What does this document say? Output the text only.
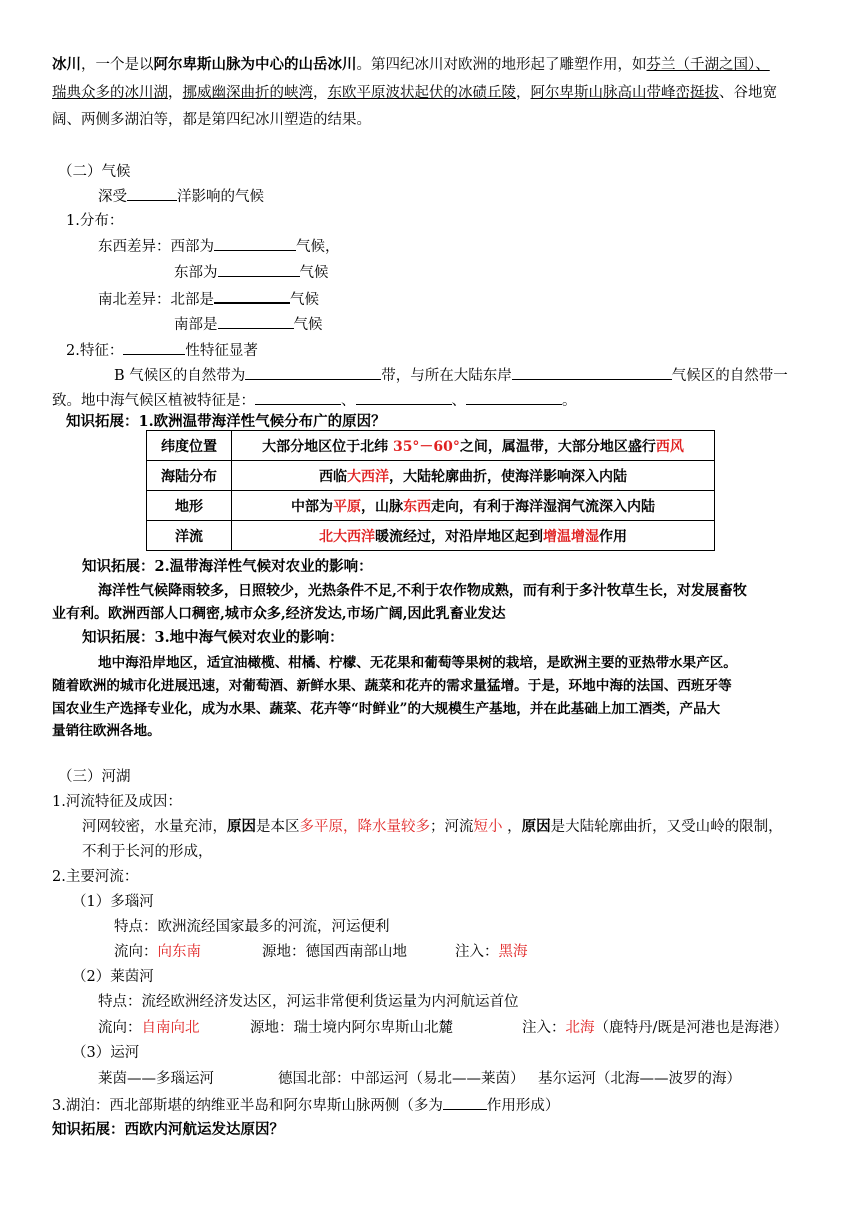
冰川，一个是以阿尔卑斯山脉为中心的山岳冰川。第四纪冰川对欧洲的地形起了雕塑作用，如芬兰（千湖之国）、
瑞典众多的冰川湖，挪威幽深曲折的峡湾，东欧平原波状起伏的冰碛丘陵，阿尔卑斯山脉高山带峰峦挺拔、谷地宽
阔、两侧多湖泊等，都是第四纪冰川塑造的结果。
（二）气候
深受	洋影响的气候
1.分布：
东西差异：西部为	气候，
东部为	气候
南北差异：北部是	气候
南部是	气候
2.特征：	性特征显著
B 气候区的自然带为	带，与所在大陆东岸	气候区的自然带一
致。地中海气候区植被特征是：	、	、	。
知识拓展：1.欧洲温带海洋性气候分布广的原因？
纬度位置	大部分地区位于北纬 35°－60°之间，属温带，大部分地区盛行西风
海陆分布	西临大西洋，大陆轮廓曲折，使海洋影响深入内陆
地形	中部为平原，山脉东西走向，有利于海洋湿润气流深入内陆
洋流	北大西洋暖流经过，对沿岸地区起到增温增湿作用
知识拓展：2.温带海洋性气候对农业的影响：
海洋性气候降雨较多，日照较少，光热条件不足,不利于农作物成熟，而有利于多汁牧草生长，对发展畜牧
业有利。欧洲西部人口稠密,城市众多,经济发达,市场广阔,因此乳畜业发达
知识拓展：3.地中海气候对农业的影响：
地中海沿岸地区，适宜油橄榄、柑橘、柠檬、无花果和葡萄等果树的栽培，是欧洲主要的亚热带水果产区。
随着欧洲的城市化进展迅速，对葡萄酒、新鲜水果、蔬菜和花卉的需求量猛增。于是，环地中海的法国、西班牙等
国农业生产选择专业化，成为水果、蔬菜、花卉等“时鲜业”的大规模生产基地，并在此基础上加工酒类，产品大
量销往欧洲各地。
（三）河湖
1.河流特征及成因：
河网较密，水量充沛，原因是本区多平原，降水量较多；河流短小 ，原因是大陆轮廓曲折，又受山岭的限制，
不利于长河的形成，
2.主要河流：
（1）多瑙河
特点：欧洲流经国家最多的河流，河运便利
流向：向东南	源地：德国西南部山地	注入：黑海
（2）莱茵河
特点：流经欧洲经济发达区，河运非常便利货运量为内河航运首位
流向：自南向北	源地：瑞士境内阿尔卑斯山北麓	注入：北海（鹿特丹/既是河港也是海港）
（3）运河
莱茵——多瑙运河	德国北部：中部运河（易北——莱茵） 基尔运河（北海——波罗的海）
3.湖泊：西北部斯堪的纳维亚半岛和阿尔卑斯山脉两侧（多为	作用形成）
知识拓展：西欧内河航运发达原因？
